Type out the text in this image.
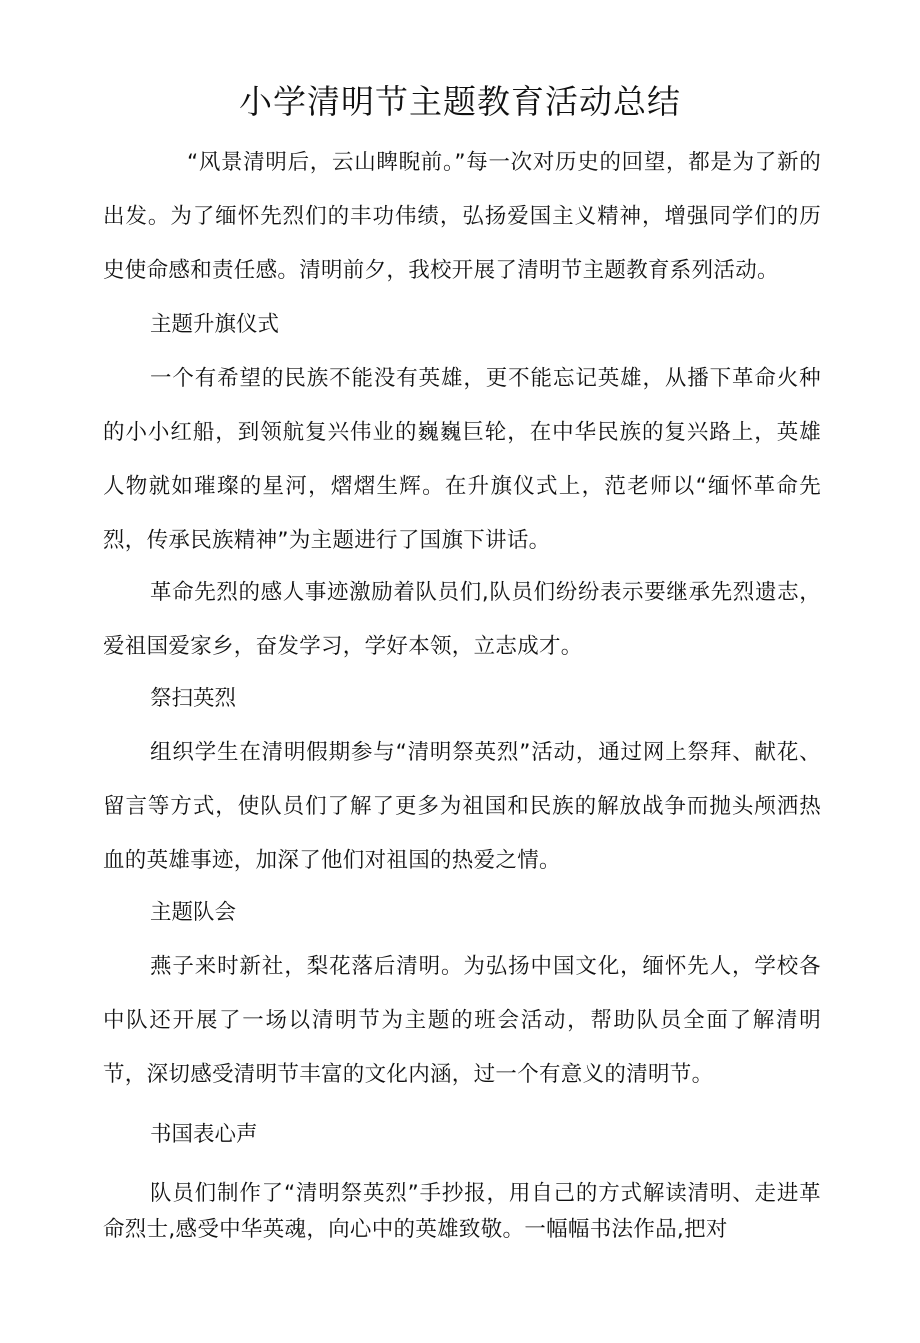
小学清明节主题教育活动总结

“风景清明后，云山睥睨前。”每一次对历史的回望，都是为了新的出发。为了缅怀先烈们的丰功伟绩，弘扬爱国主义精神，增强同学们的历史使命感和责任感。清明前夕，我校开展了清明节主题教育系列活动。

主题升旗仪式

一个有希望的民族不能没有英雄，更不能忘记英雄，从播下革命火种的小小红船，到领航复兴伟业的巍巍巨轮，在中华民族的复兴路上，英雄人物就如璀璨的星河，熠熠生辉。在升旗仪式上，范老师以“缅怀革命先烈，传承民族精神”为主题进行了国旗下讲话。

革命先烈的感人事迹激励着队员们,队员们纷纷表示要继承先烈遗志，爱祖国爱家乡，奋发学习，学好本领，立志成才。

祭扫英烈

组织学生在清明假期参与“清明祭英烈”活动，通过网上祭拜、献花、留言等方式，使队员们了解了更多为祖国和民族的解放战争而抛头颅洒热血的英雄事迹，加深了他们对祖国的热爱之情。

主题队会

燕子来时新社，梨花落后清明。为弘扬中国文化，缅怀先人，学校各中队还开展了一场以清明节为主题的班会活动，帮助队员全面了解清明节，深切感受清明节丰富的文化内涵，过一个有意义的清明节。

书国表心声

队员们制作了“清明祭英烈”手抄报，用自己的方式解读清明、走进革命烈士,感受中华英魂，向心中的英雄致敬。一幅幅书法作品,把对
